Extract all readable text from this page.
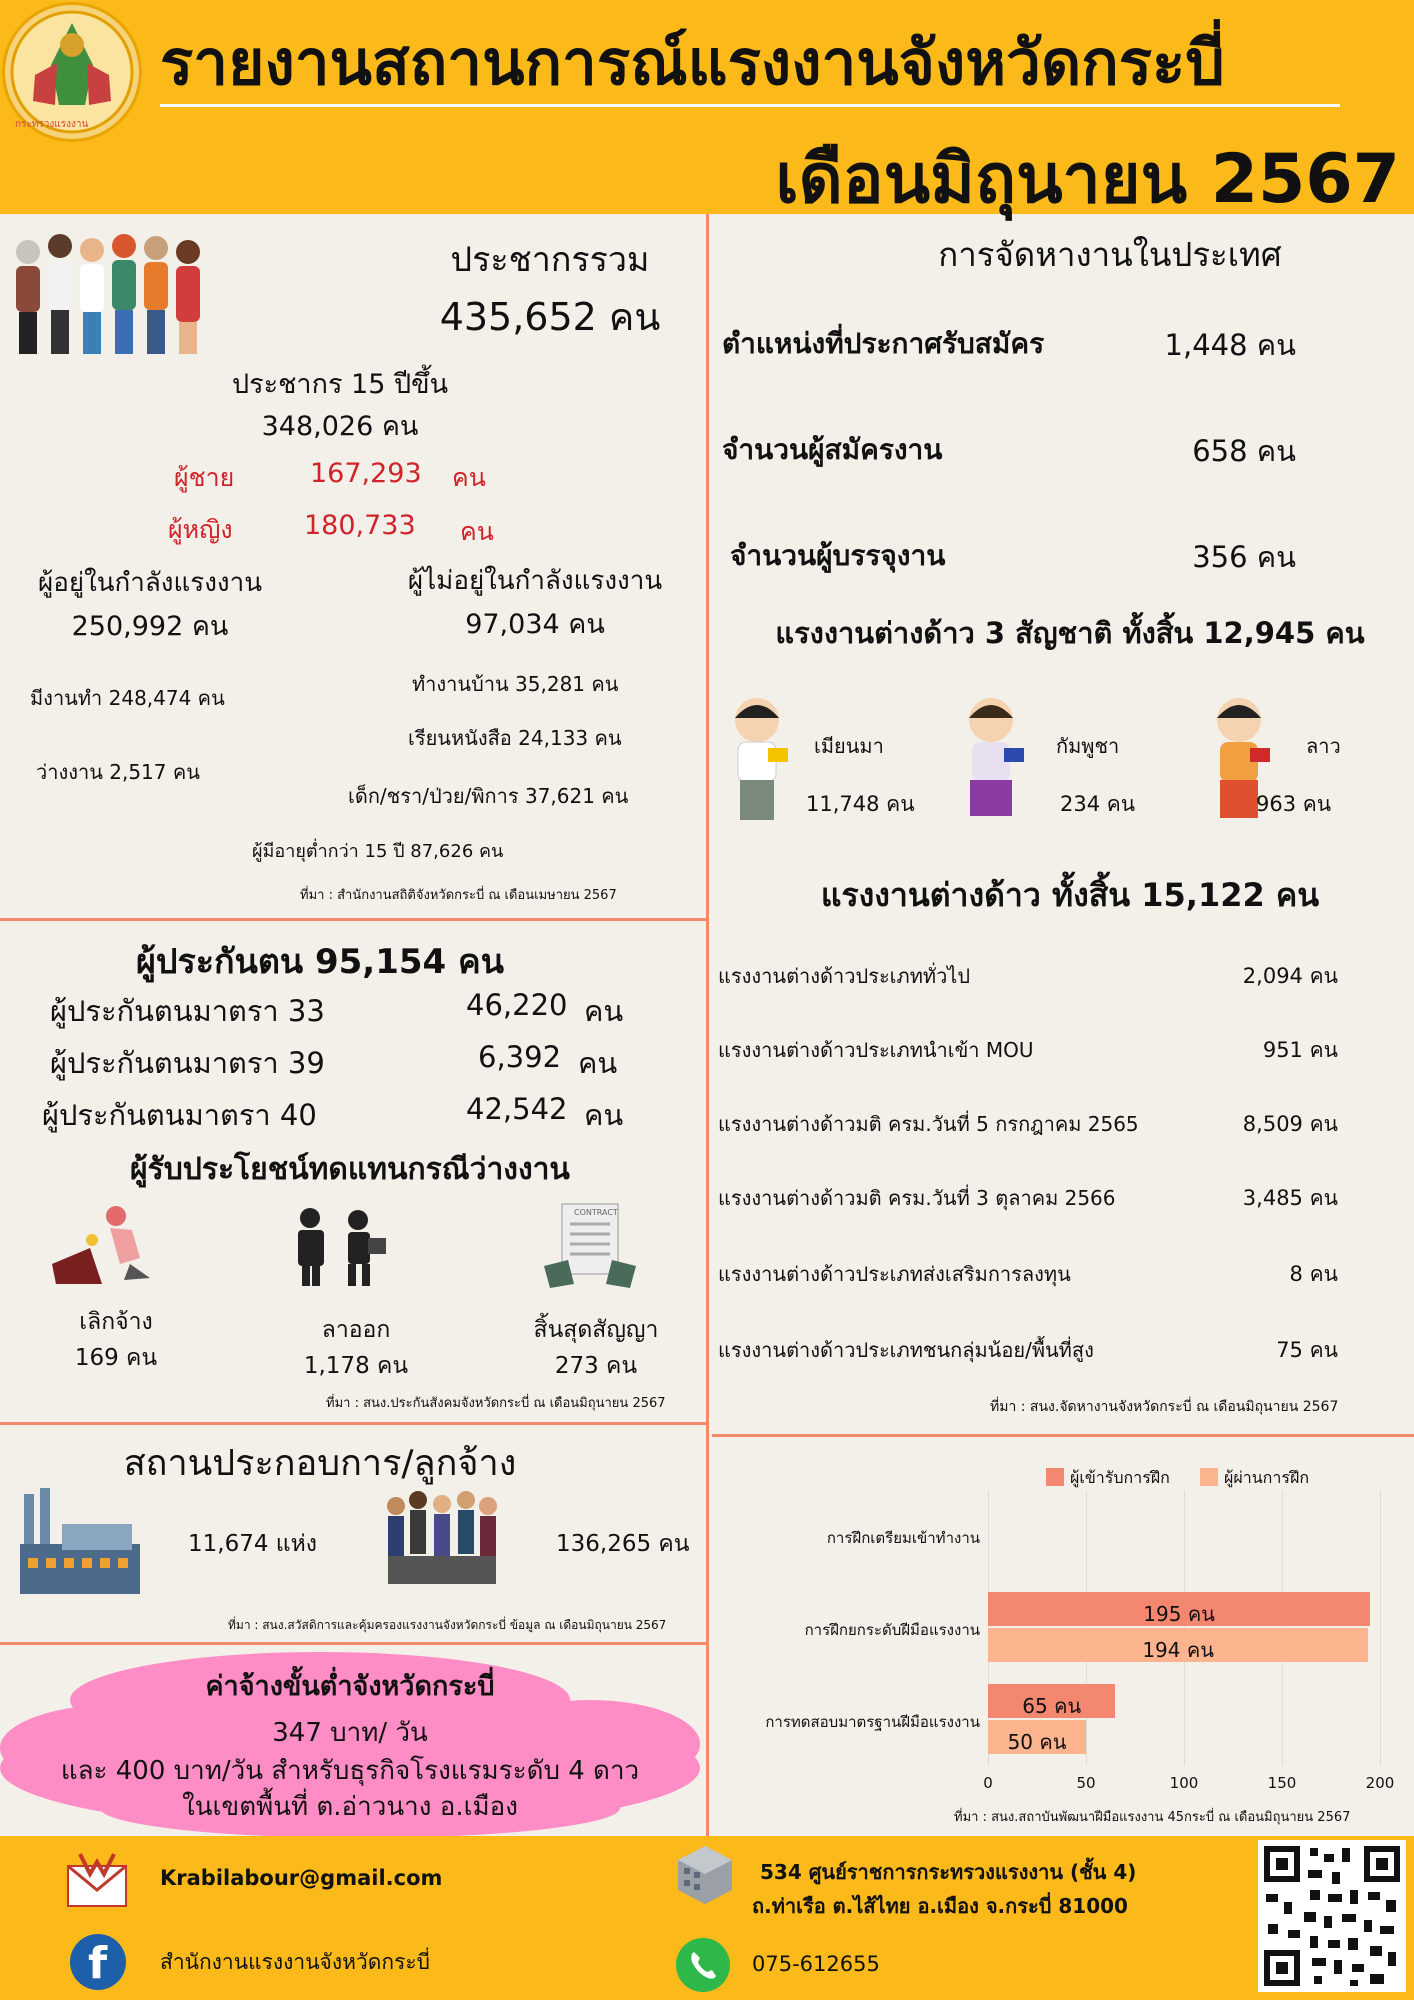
กระทรวงแรงงาน
รายงานสถานการณ์แรงงานจังหวัดกระบี่
เดือนมิถุนายน 2567
ประชากรรวม
435,652 คน
ประชากร 15 ปีขึ้น
348,026 คน
ผู้ชาย	167,293 คน
ผู้หญิง	180,733 คน
ผู้อยู่ในกำลังแรงงาน
250,992 คน
ผู้ไม่อยู่ในกำลังแรงงาน
97,034 คน
มีงานทำ 248,474 คน
ว่างงาน 2,517 คน
ทำงานบ้าน 35,281 คน
เรียนหนังสือ 24,133 คน
เด็ก/ชรา/ป่วย/พิการ 37,621 คน
ผู้มีอายุต่ำกว่า 15 ปี 87,626 คน
ที่มา : สำนักงานสถิติจังหวัดกระบี่ ณ เดือนเมษายน 2567
ผู้ประกันตน 95,154 คน
ผู้ประกันตนมาตรา 33	46,220 คน
ผู้ประกันตนมาตรา 39	6,392 คน
ผู้ประกันตนมาตรา 40	42,542 คน
ผู้รับประโยชน์ทดแทนกรณีว่างงาน
CONTRACT
เลิกจ้าง
169 คน
ลาออก
1,178 คน
สิ้นสุดสัญญา
273 คน
ที่มา : สนง.ประกันสังคมจังหวัดกระบี่ ณ เดือนมิถุนายน 2567
สถานประกอบการ/ลูกจ้าง
11,674 แห่ง	136,265 คน
ที่มา : สนง.สวัสดิการและคุ้มครองแรงงานจังหวัดกระบี่ ข้อมูล ณ เดือนมิถุนายน 2567
ค่าจ้างขั้นต่ำจังหวัดกระบี่
347 บาท/ วัน
และ 400 บาท/วัน สำหรับธุรกิจโรงแรมระดับ 4 ดาว
ในเขตพื้นที่ ต.อ่าวนาง อ.เมือง
การจัดหางานในประเทศ
ตำแหน่งที่ประกาศรับสมัคร	1,448 คน
จำนวนผู้สมัครงาน	658 คน
จำนวนผู้บรรจุงาน	356 คน
แรงงานต่างด้าว 3 สัญชาติ ทั้งสิ้น 12,945 คน
เมียนมา
11,748 คน
กัมพูชา
234 คน
ลาว
963 คน
แรงงานต่างด้าว ทั้งสิ้น 15,122 คน
แรงงานต่างด้าวประเภททั่วไป	2,094 คน
แรงงานต่างด้าวประเภทนำเข้า MOU	951 คน
แรงงานต่างด้าวมติ ครม.วันที่ 5 กรกฎาคม 2565	8,509 คน
แรงงานต่างด้าวมติ ครม.วันที่ 3 ตุลาคม 2566	3,485 คน
แรงงานต่างด้าวประเภทส่งเสริมการลงทุน	8 คน
แรงงานต่างด้าวประเภทชนกลุ่มน้อย/พื้นที่สูง	75 คน
ที่มา : สนง.จัดหางานจังหวัดกระบี่ ณ เดือนมิถุนายน 2567
ผู้เข้ารับการฝึก	ผู้ผ่านการฝึก
195 คน
194 คน
65 คน
50 คน
การฝึกเตรียมเข้าทำงาน
การฝึกยกระดับฝีมือแรงงาน
การทดสอบมาตรฐานฝีมือแรงงาน
0	50	100	150	200
ที่มา : สนง.สถาบันพัฒนาฝีมือแรงงาน 45กระบี่ ณ เดือนมิถุนายน 2567
Krabilabour@gmail.com
f	สำนักงานแรงงานจังหวัดกระบี่
534 ศูนย์ราชการกระทรวงแรงงาน (ชั้น 4)
ถ.ท่าเรือ ต.ไส้ไทย อ.เมือง จ.กระบี่ 81000
075-612655
